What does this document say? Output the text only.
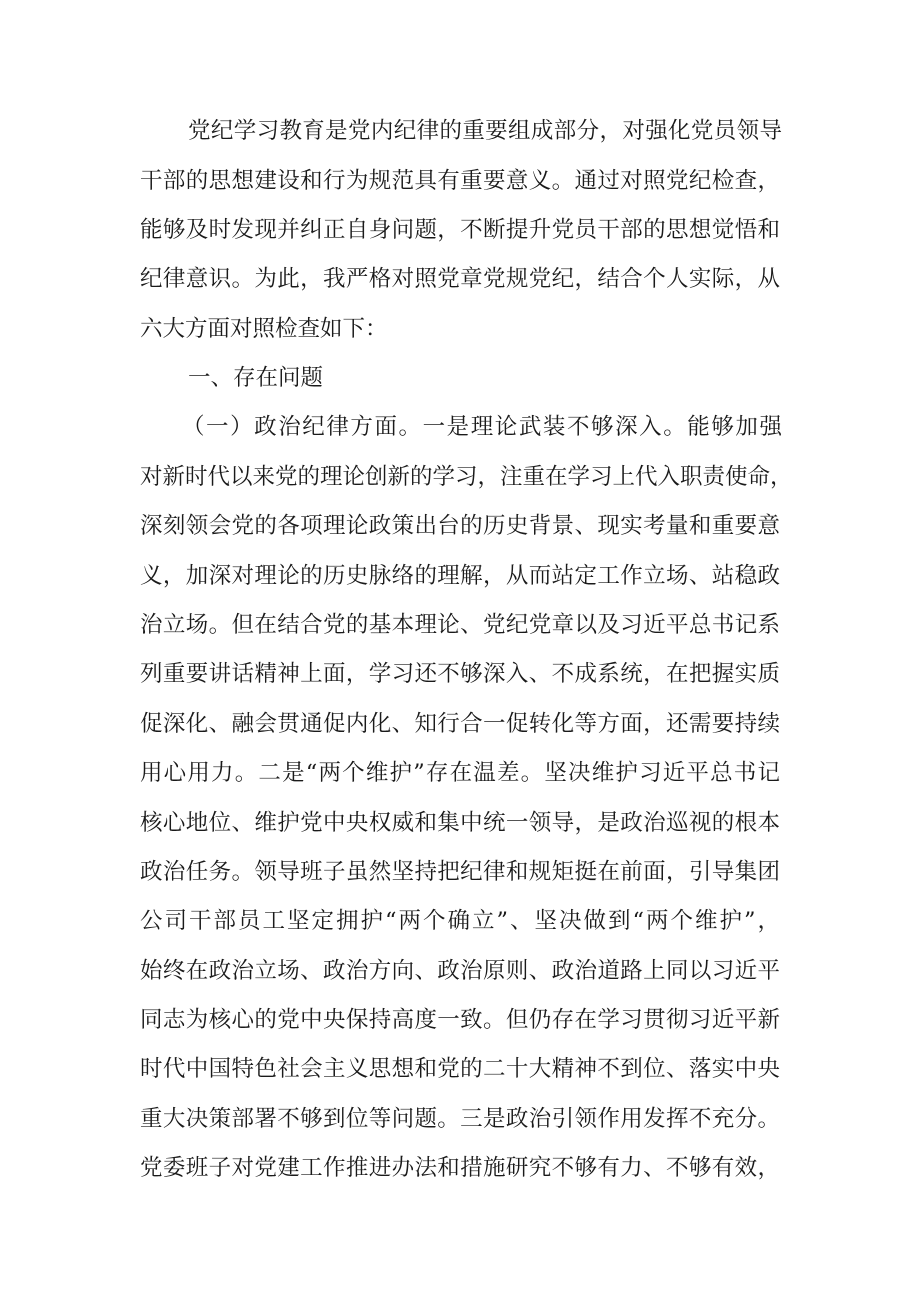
党纪学习教育是党内纪律的重要组成部分，对强化党员领导
干部的思想建设和行为规范具有重要意义。通过对照党纪检查，
能够及时发现并纠正自身问题，不断提升党员干部的思想觉悟和
纪律意识。为此，我严格对照党章党规党纪，结合个人实际，从
六大方面对照检查如下：
一、存在问题
（一）政治纪律方面。一是理论武装不够深入。能够加强
对新时代以来党的理论创新的学习，注重在学习上代入职责使命，
深刻领会党的各项理论政策出台的历史背景、现实考量和重要意
义，加深对理论的历史脉络的理解，从而站定工作立场、站稳政
治立场。但在结合党的基本理论、党纪党章以及习近平总书记系
列重要讲话精神上面，学习还不够深入、不成系统，在把握实质
促深化、融会贯通促内化、知行合一促转化等方面，还需要持续
用心用力。二是“两个维护”存在温差。坚决维护习近平总书记
核心地位、维护党中央权威和集中统一领导，是政治巡视的根本
政治任务。领导班子虽然坚持把纪律和规矩挺在前面，引导集团
公司干部员工坚定拥护“两个确立”、坚决做到“两个维护”，
始终在政治立场、政治方向、政治原则、政治道路上同以习近平
同志为核心的党中央保持高度一致。但仍存在学习贯彻习近平新
时代中国特色社会主义思想和党的二十大精神不到位、落实中央
重大决策部署不够到位等问题。三是政治引领作用发挥不充分。
党委班子对党建工作推进办法和措施研究不够有力、不够有效，
